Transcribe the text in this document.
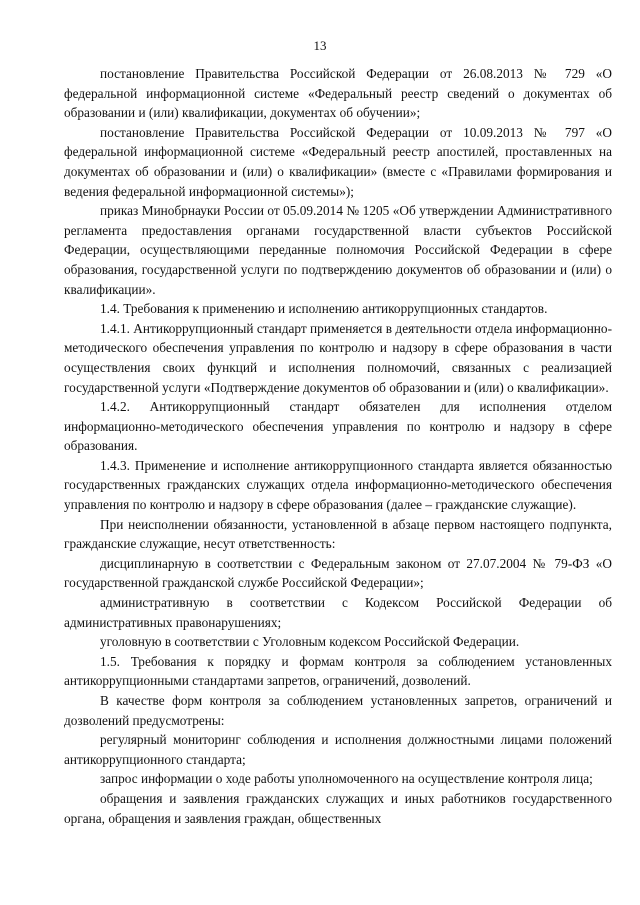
13

постановление Правительства Российской Федерации от 26.08.2013 № 729 «О федеральной информационной системе «Федеральный реестр сведений о документах об образовании и (или) квалификации, документах об обучении»;

постановление Правительства Российской Федерации от 10.09.2013 № 797 «О федеральной информационной системе «Федеральный реестр апостилей, проставленных на документах об образовании и (или) о квалификации» (вместе с «Правилами формирования и ведения федеральной информационной системы»);

приказ Минобрнауки России от 05.09.2014 № 1205 «Об утверждении Административного регламента предоставления органами государственной власти субъектов Российской Федерации, осуществляющими переданные полномочия Российской Федерации в сфере образования, государственной услуги по подтверждению документов об образовании и (или) о квалификации».

1.4. Требования к применению и исполнению антикоррупционных стандартов.

1.4.1. Антикоррупционный стандарт применяется в деятельности отдела информационно-методического обеспечения управления по контролю и надзору в сфере образования в части осуществления своих функций и исполнения полномочий, связанных с реализацией государственной услуги «Подтверждение документов об образовании и (или) о квалификации».

1.4.2. Антикоррупционный стандарт обязателен для исполнения отделом информационно-методического обеспечения управления по контролю и надзору в сфере образования.

1.4.3. Применение и исполнение антикоррупционного стандарта является обязанностью государственных гражданских служащих отдела информационно-методического обеспечения управления по контролю и надзору в сфере образования (далее – гражданские служащие).

При неисполнении обязанности, установленной в абзаце первом настоящего подпункта, гражданские служащие, несут ответственность:

дисциплинарную в соответствии с Федеральным законом от 27.07.2004 № 79-ФЗ «О государственной гражданской службе Российской Федерации»;

административную в соответствии с Кодексом Российской Федерации об административных правонарушениях;

уголовную в соответствии с Уголовным кодексом Российской Федерации.

1.5. Требования к порядку и формам контроля за соблюдением установленных антикоррупционными стандартами запретов, ограничений, дозволений.

В качестве форм контроля за соблюдением установленных запретов, ограничений и дозволений предусмотрены:

регулярный мониторинг соблюдения и исполнения должностными лицами положений антикоррупционного стандарта;

запрос информации о ходе работы уполномоченного на осуществление контроля лица;

обращения и заявления гражданских служащих и иных работников государственного органа, обращения и заявления граждан, общественных
